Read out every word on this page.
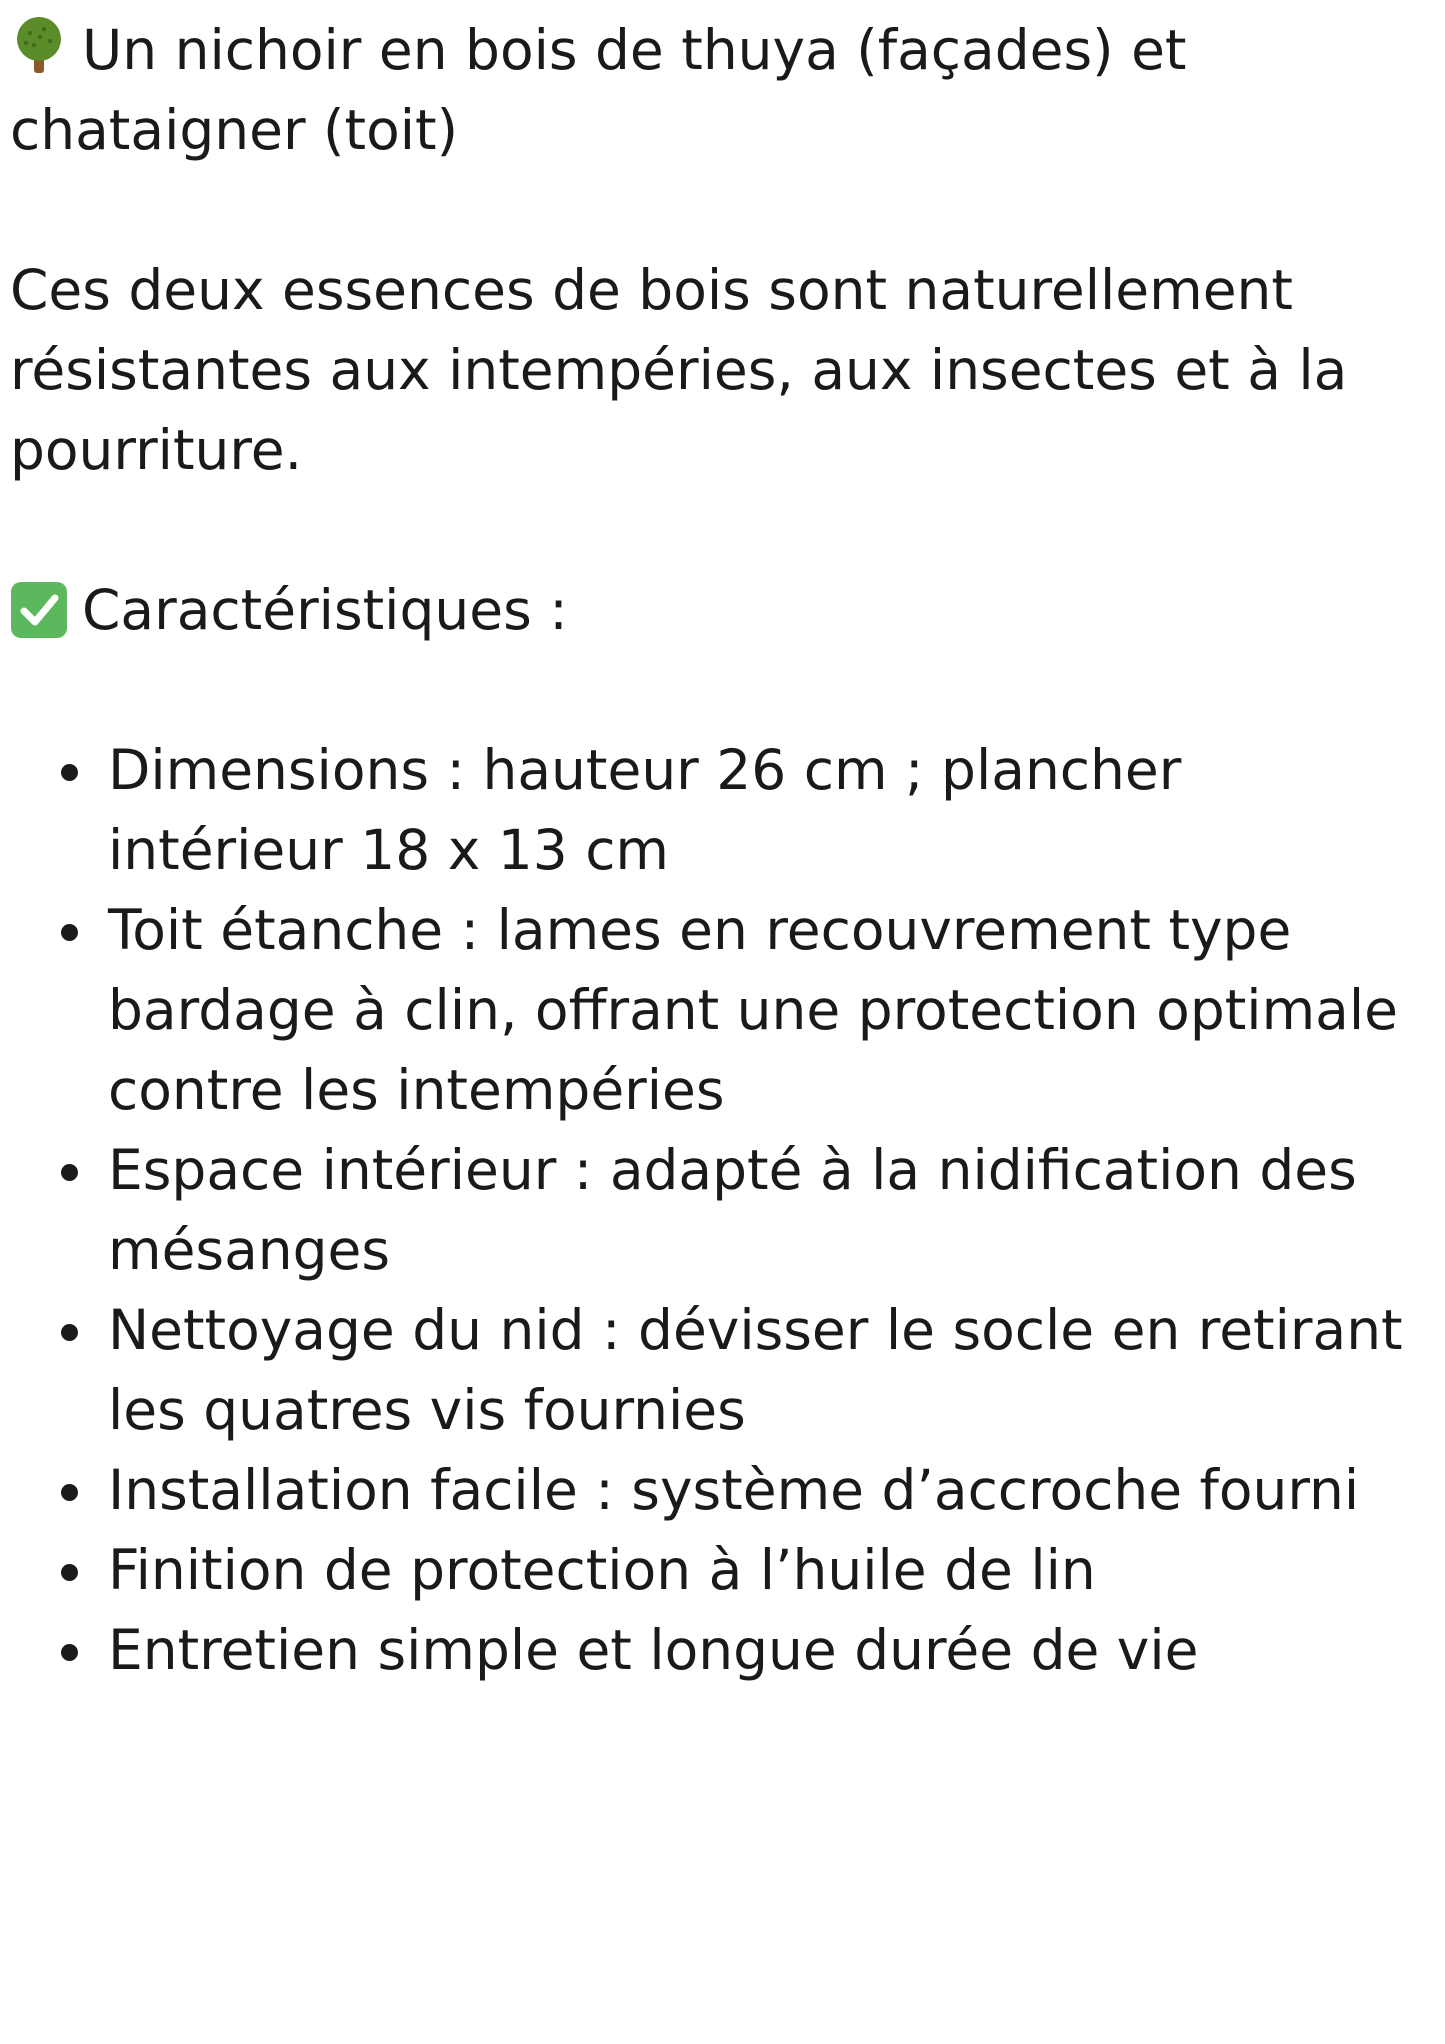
Un nichoir en bois de thuya (façades) et chataigner (toit)

Ces deux essences de bois sont naturellement résistantes aux intempéries, aux insectes et à la pourriture.

Caractéristiques :

Dimensions : hauteur 26 cm ; plancher intérieur 18 x 13 cm
Toit étanche : lames en recouvrement type bardage à clin, offrant une protection optimale contre les intempéries
Espace intérieur : adapté à la nidification des mésanges
Nettoyage du nid : dévisser le socle en retirant les quatres vis fournies
Installation facile : système d’accroche fourni
Finition de protection à l’huile de lin
Entretien simple et longue durée de vie
